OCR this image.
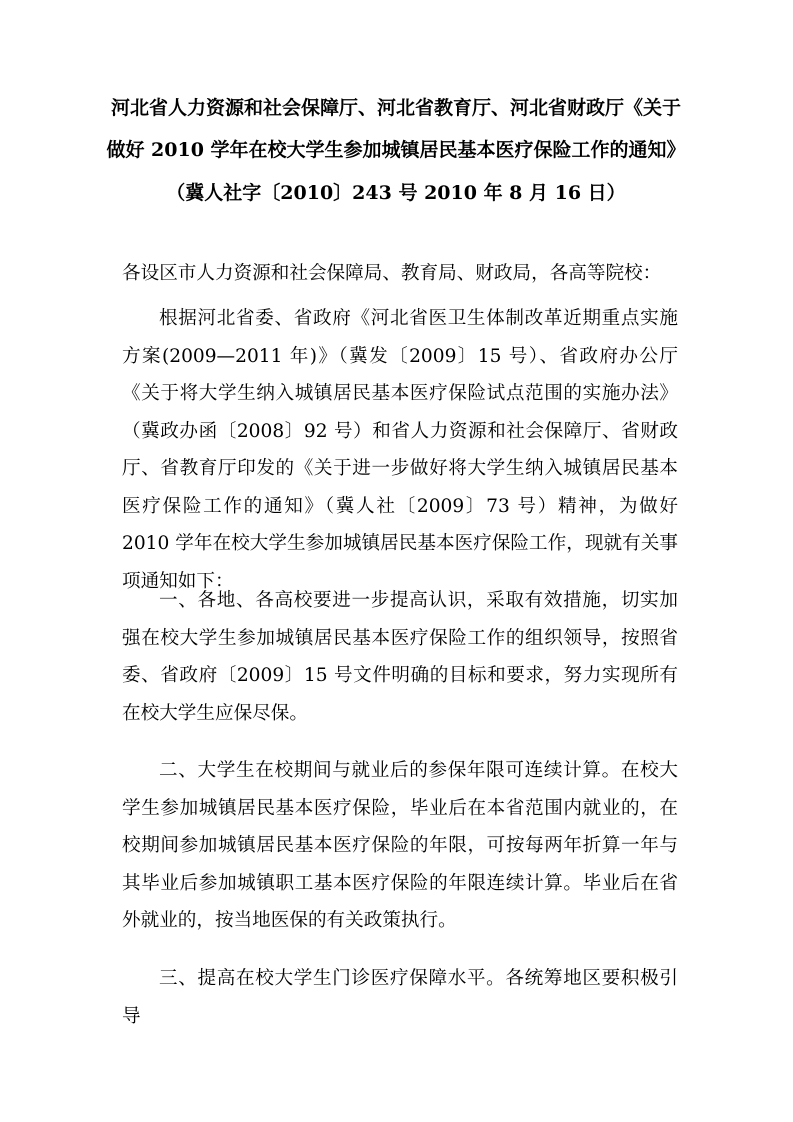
河北省人力资源和社会保障厅、河北省教育厅、河北省财政厅《关于
做好 2010 学年在校大学生参加城镇居民基本医疗保险工作的通知》
（冀人社字〔2010〕243 号 2010 年 8 月 16 日）
各设区市人力资源和社会保障局、教育局、财政局，各高等院校：

根据河北省委、省政府《河北省医卫生体制改革近期重点实施方案(2009—2011 年)》（冀发〔2009〕15 号）、省政府办公厅《关于将大学生纳入城镇居民基本医疗保险试点范围的实施办法》（冀政办函〔2008〕92 号）和省人力资源和社会保障厅、省财政厅、省教育厅印发的《关于进一步做好将大学生纳入城镇居民基本医疗保险工作的通知》（冀人社〔2009〕73 号）精神，为做好 2010 学年在校大学生参加城镇居民基本医疗保险工作，现就有关事项通知如下：

一、各地、各高校要进一步提高认识，采取有效措施，切实加强在校大学生参加城镇居民基本医疗保险工作的组织领导，按照省委、省政府〔2009〕15 号文件明确的目标和要求，努力实现所有在校大学生应保尽保。

二、大学生在校期间与就业后的参保年限可连续计算。在校大学生参加城镇居民基本医疗保险，毕业后在本省范围内就业的，在校期间参加城镇居民基本医疗保险的年限，可按每两年折算一年与其毕业后参加城镇职工基本医疗保险的年限连续计算。毕业后在省外就业的，按当地医保的有关政策执行。

三、提高在校大学生门诊医疗保障水平。各统筹地区要积极引导
